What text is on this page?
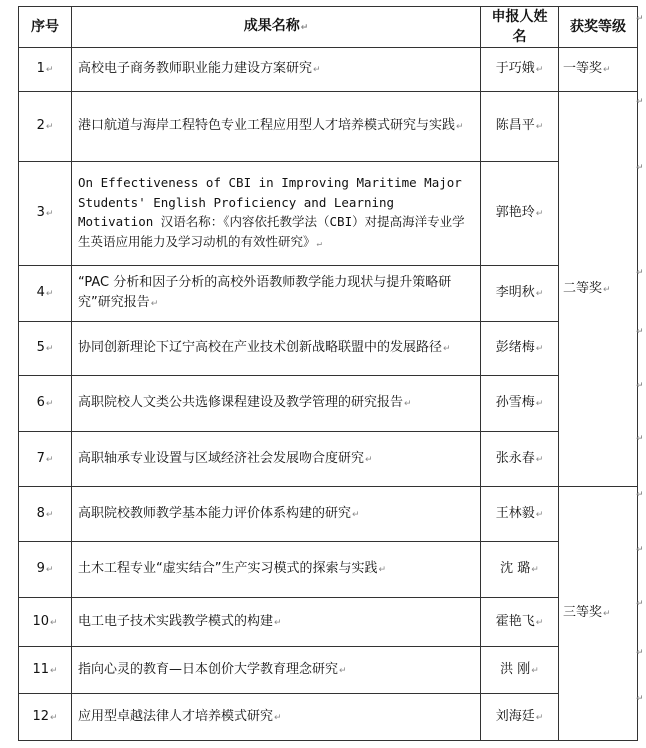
序号	成果名称↵	申报人姓名	获奖等级
1↵	高校电子商务教师职业能力建设方案研究↵	于巧娥↵	一等奖↵
2↵	港口航道与海岸工程特色专业工程应用型人才培养模式研究与实践↵	陈昌平↵	二等奖↵
3↵	On Effectiveness of CBI in Improving Maritime Major Students' English Proficiency and Learning Motivation 汉语名称：《内容依托教学法（CBI）对提高海洋专业学生英语应用能力及学习动机的有效性研究》↵	郭艳玲↵	
4↵	“PAC 分析和因子分析的高校外语教师教学能力现状与提升策略研究”研究报告↵	李明秋↵	
5↵	协同创新理论下辽宁高校在产业技术创新战略联盟中的发展路径↵	彭绪梅↵	
6↵	高职院校人文类公共选修课程建设及教学管理的研究报告↵	孙雪梅↵	
7↵	高职轴承专业设置与区域经济社会发展吻合度研究↵	张永春↵	
8↵	高职院校教师教学基本能力评价体系构建的研究↵	王林毅↵	三等奖↵
9↵	土木工程专业“虚实结合”生产实习模式的探索与实践↵	沈 璐↵	
10↵	电工电子技术实践教学模式的构建↵	霍艳飞↵	
11↵	指向心灵的教育—日本创价大学教育理念研究↵	洪 刚↵	
12↵	应用型卓越法律人才培养模式研究↵	刘海廷↵	
↵
↵
↵
↵
↵
↵
↵
↵
↵
↵
↵
↵
